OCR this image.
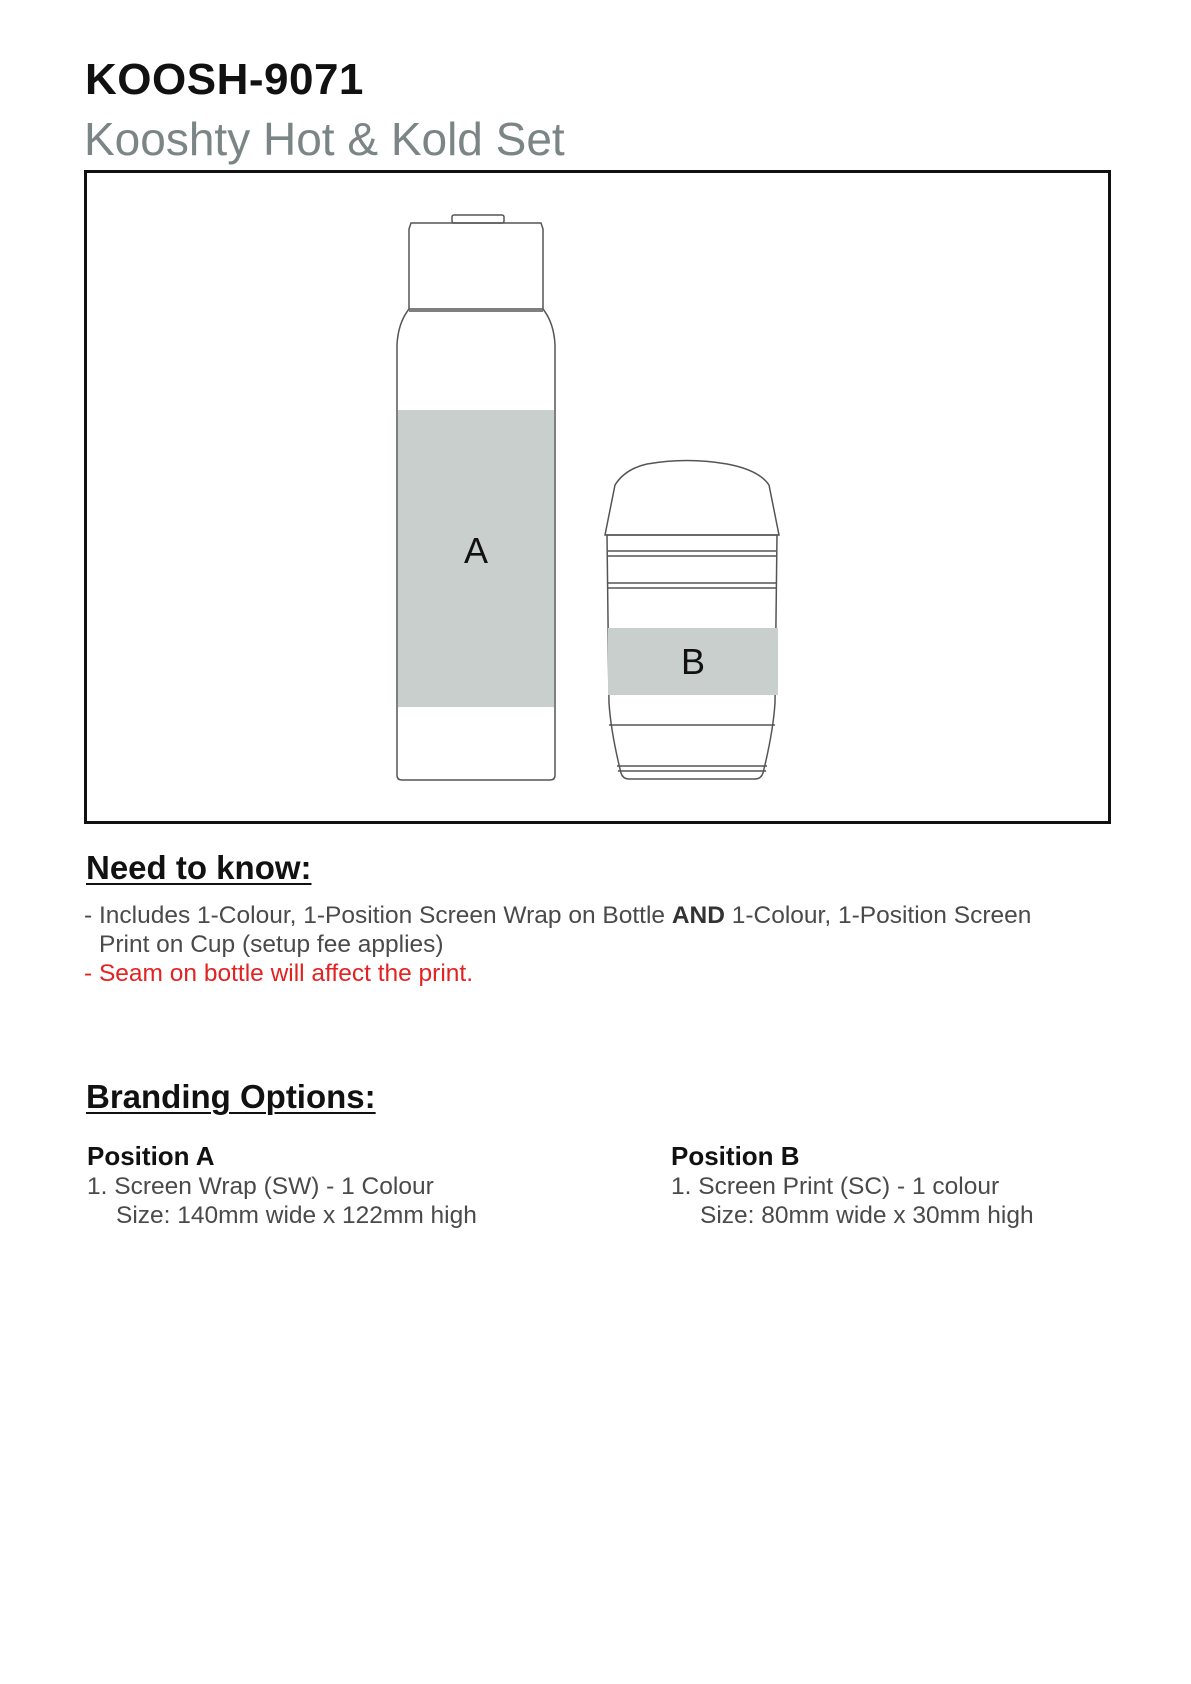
KOOSH-9071
Kooshty Hot & Kold Set
A
B
Need to know:
- Includes 1-Colour, 1-Position Screen Wrap on Bottle AND 1-Colour, 1-Position Screen
Print on Cup (setup fee applies)
- Seam on bottle will affect the print.
Branding Options:
Position A
1. Screen Wrap (SW) - 1 Colour
Size: 140mm wide x 122mm high
Position B
1. Screen Print (SC) - 1 colour
Size: 80mm wide x 30mm high
